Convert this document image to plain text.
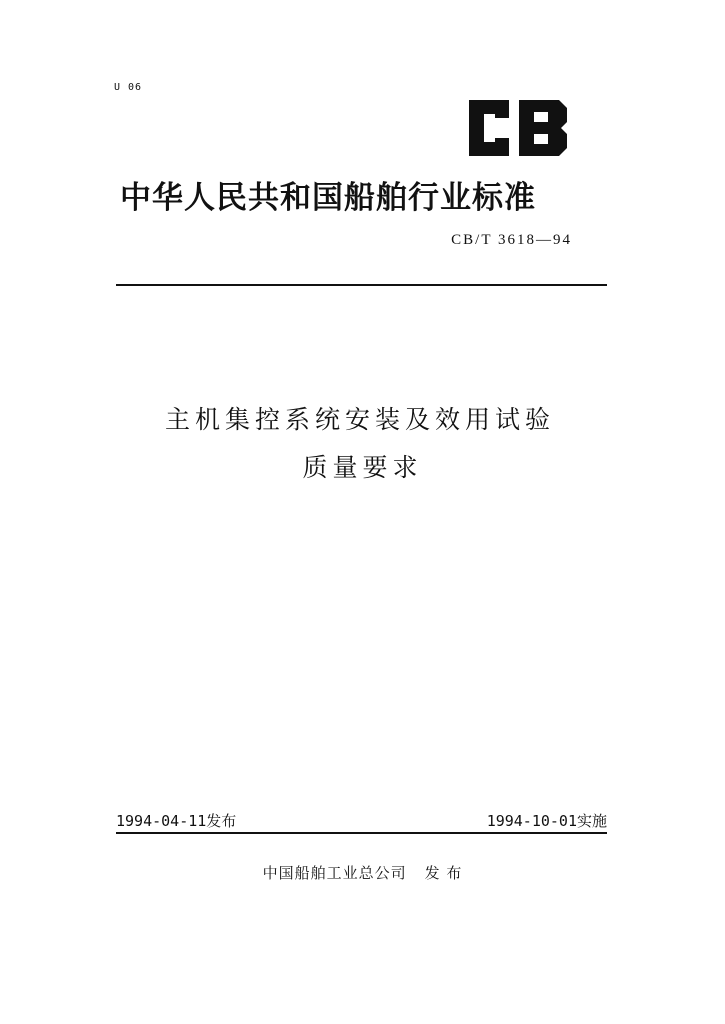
U 06
中华人民共和国船舶行业标准
CB/T 3618—94
主机集控系统安装及效用试验
质量要求
1994-04-11发布	1994-10-01实施
中国船舶工业总公司 发 布
